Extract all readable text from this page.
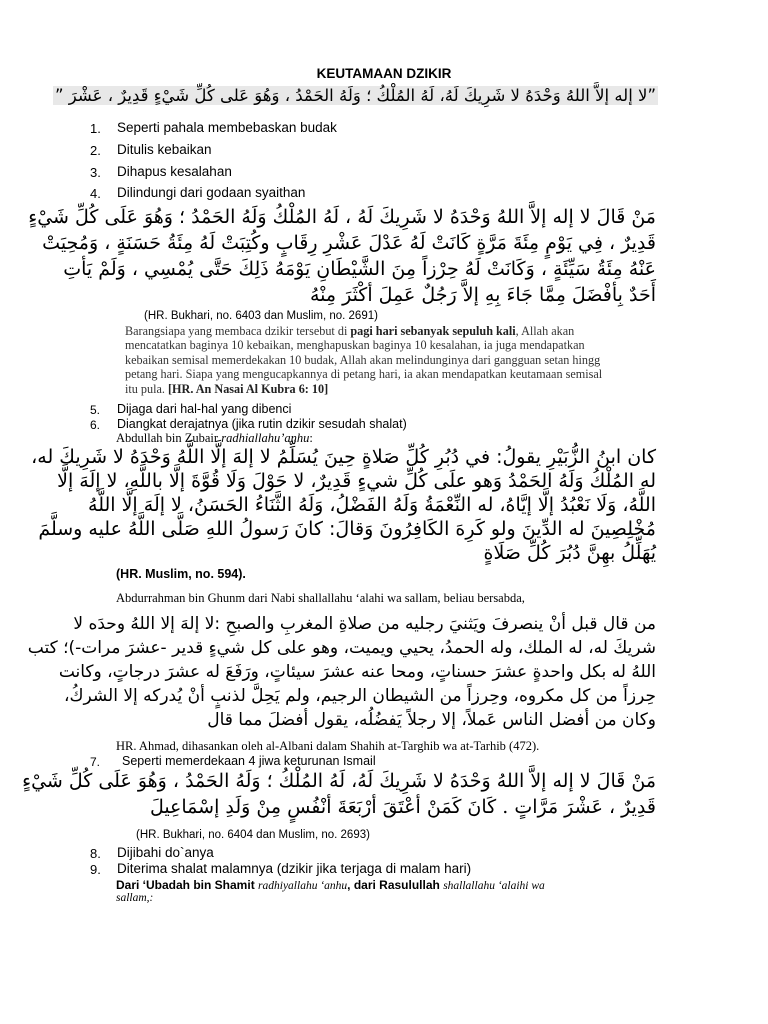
KEUTAMAAN DZIKIR
”لا إله إلاَّ اللهُ وَحْدَهُ لا شَرِيكَ لَهُ، لَهُ المُلْكُ ؛ وَلَهُ الحَمْدُ ، وَهُوَ عَلى كُلِّ شَيْءٍ قَدِيرٌ ، عَشْرَ ”
1. Seperti pahala membebaskan budak
2. Ditulis kebaikan
3. Dihapus kesalahan
4. Dilindungi dari godaan syaithan
مَنْ قَالَ لا إله إلاَّ اللهُ وَحْدَهُ لا شَرِيكَ لَهُ ، لَهُ المُلْكُ وَلَهُ الحَمْدُ ؛ وَهُوَ عَلَى كُلِّ شَيْءٍ
قَدِيرٌ ، فِي يَوْمٍ مِئَةَ مَرَّةٍ كَانَتْ لَهُ عَدْلَ عَشْرِ رِقَابٍ وكُتِبَتْ لَهُ مِئَةُ حَسَنَةٍ ، وَمُحِيَتْ
عَنْهُ مِئَةُ سَيِّئَةٍ ، وَكَانَتْ لَهُ حِرْزاً مِنَ الشَّيْطَانِ يَوْمَهُ ذَلِكَ حَتَّى يُمْسِي ، وَلَمْ يَأتِ
أَحَدٌ بِأفْضَلَ مِمَّا جَاءَ بِهِ إلاَّ رَجُلٌ عَمِلَ أكْثَرَ مِنْهُ
(HR. Bukhari, no. 6403 dan Muslim, no. 2691)
Barangsiapa yang membaca dzikir tersebut di pagi hari sebanyak sepuluh kali, Allah akan
mencatatkan baginya 10 kebaikan, menghapuskan baginya 10 kesalahan, ia juga mendapatkan
kebaikan semisal memerdekakan 10 budak, Allah akan melindunginya dari gangguan setan hingg
petang hari. Siapa yang mengucapkannya di petang hari, ia akan mendapatkan keutamaan semisal
itu pula. [HR. An Nasai Al Kubra 6: 10]
5. Dijaga dari hal-hal yang dibenci
6. Diangkat derajatnya (jika rutin dzikir sesudah shalat)
Abdullah bin Zubair radhiallahu’anhu:
كان ابنُ الزُّبَيْرِ يقولُ: في دُبُرِ كُلِّ صَلاةٍ حِينَ يُسَلِّمُ لا إلهَ إلَّا اللَّهُ وَحْدَهُ لا شَرِيكَ له،
له المُلْكُ وَلَهُ الحَمْدُ وَهو علَى كُلِّ شيءٍ قَدِيرٌ، لا حَوْلَ وَلَا قُوَّةَ إلَّا باللَّهِ، لا إلَهَ إلَّا
اللَّهُ، وَلَا نَعْبُدُ إلَّا إيَّاهُ، له النِّعْمَةُ وَلَهُ الفَضْلُ، وَلَهُ الثَّنَاءُ الحَسَنُ، لا إلَهَ إلَّا اللَّهُ
مُخْلِصِينَ له الدِّينَ ولو كَرِهَ الكَافِرُونَ وَقالَ: كانَ رَسولُ اللهِ صَلَّى اللَّهُ عليه وسلَّمَ
يُهَلِّلُ بهِنَّ دُبُرَ كُلِّ صَلَاةٍ
(HR. Muslim, no. 594).
Abdurrahman bin Ghunm dari Nabi shallallahu ‘alahi wa sallam, beliau bersabda,
من قال قبل أنْ ينصرفَ ويَثنيَ رجليه من صلاةِ المغربِ والصبحِ :لا إلهَ إلا اللهُ وحدَه لا
شريكَ له، له الملك، وله الحمدُ، يحيي ويميت، وهو على كل شيءٍ قدير -عشرَ مرات-)؛ كتب
اللهُ له بكل واحدةٍ عشرَ حسناتٍ، ومحا عنه عشرَ سيئاتٍ، ورَفَعَ له عشرَ درجاتٍ، وكانت
حِرزاً من كل مكروه، وحِرزاً من الشيطان الرجيم، ولم يَحِلَّ لذنبٍ أنْ يُدركه إلا الشركُ،
وكان من أفضل الناس عَملاً، إلا رجلاً يَفضُلُه، يقول أفضلَ مما قال
HR. Ahmad, dihasankan oleh al-Albani dalam Shahih at-Targhib wa at-Tarhib (472).
7. Seperti memerdekaan 4 jiwa keturunan Ismail
مَنْ قَالَ لا إله إلاَّ اللهُ وَحْدَهُ لا شَرِيكَ لَهُ، لَهُ المُلْكُ ؛ وَلَهُ الحَمْدُ ، وَهُوَ عَلَى كُلِّ شَيْءٍ
قَدِيرٌ ، عَشْرَ مَرَّاتٍ . كَانَ كَمَنْ أعْتَقَ أرْبَعَةَ أنْفُسٍ مِنْ وَلَدِ إسْمَاعِيلَ
(HR. Bukhari, no. 6404 dan Muslim, no. 2693)
8. Dijibahi do`anya
9. Diterima shalat malamnya (dzikir jika terjaga di malam hari)
Dari ‘Ubadah bin Shamit radhiyallahu ‘anhu, dari Rasulullah shallallahu ‘alaihi wa
sallam,:
